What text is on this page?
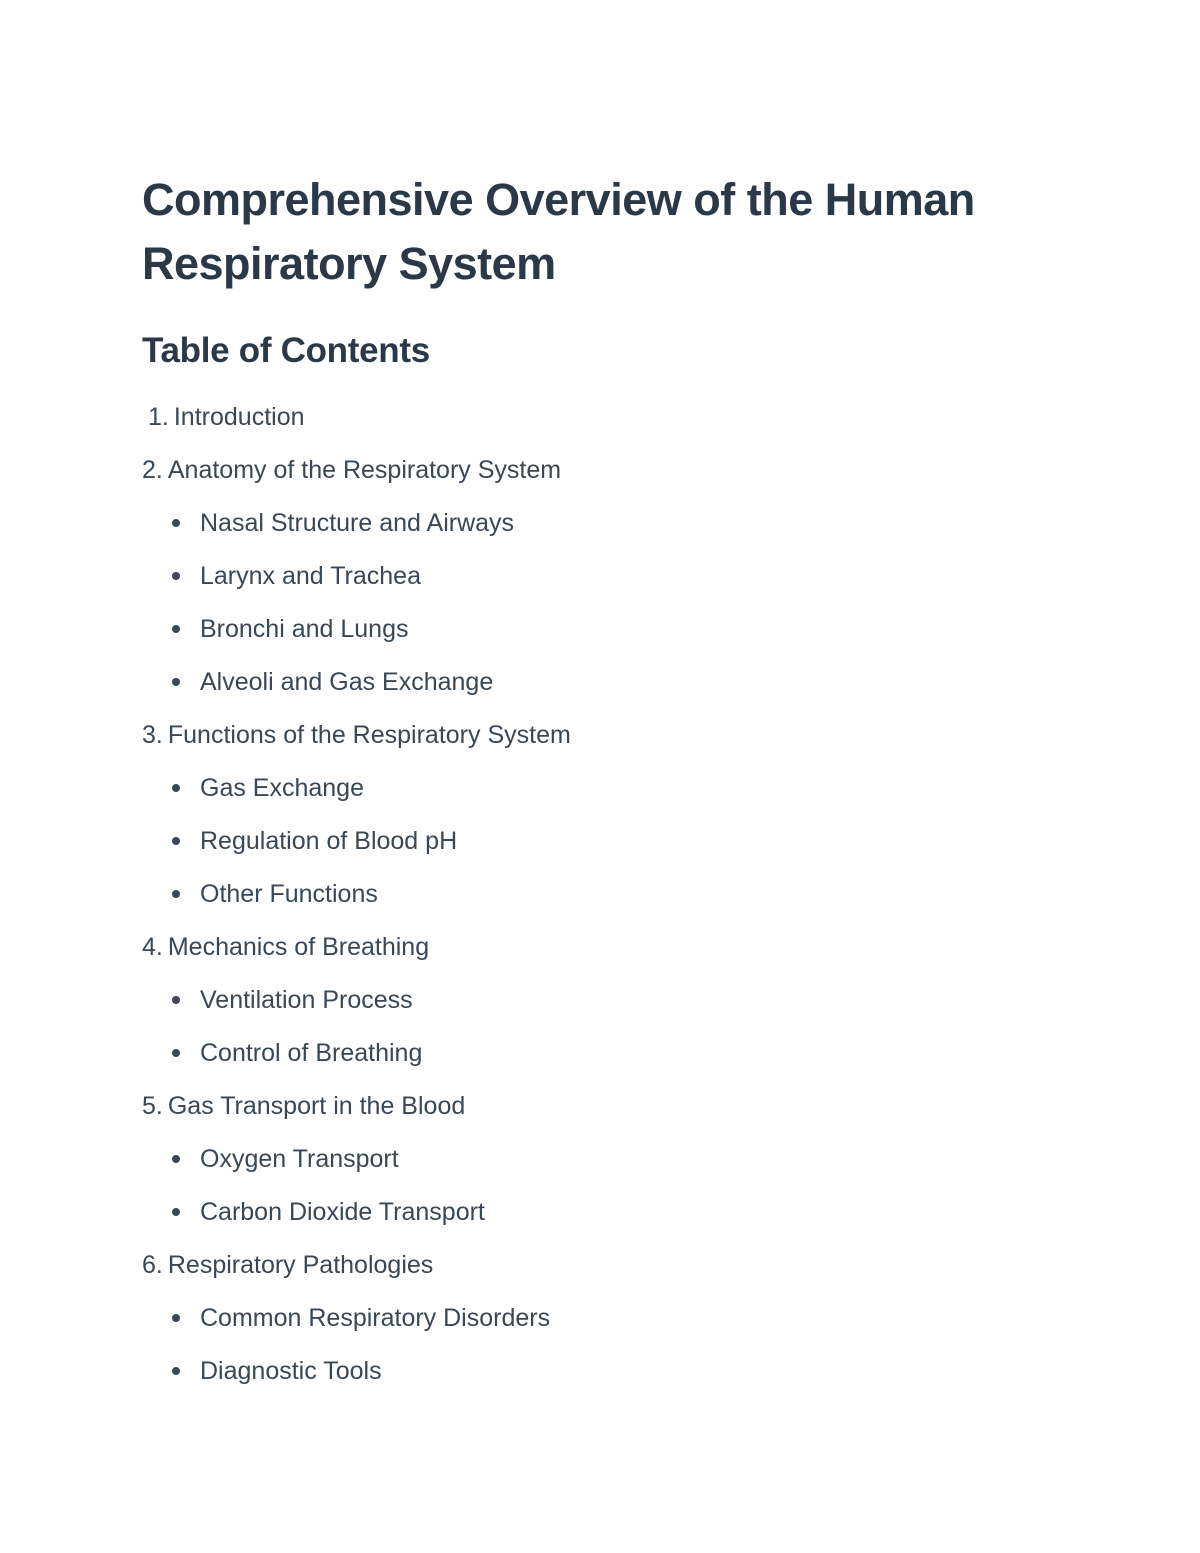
Comprehensive Overview of the Human Respiratory System
Table of Contents
1. Introduction
2. Anatomy of the Respiratory System
Nasal Structure and Airways
Larynx and Trachea
Bronchi and Lungs
Alveoli and Gas Exchange
3. Functions of the Respiratory System
Gas Exchange
Regulation of Blood pH
Other Functions
4. Mechanics of Breathing
Ventilation Process
Control of Breathing
5. Gas Transport in the Blood
Oxygen Transport
Carbon Dioxide Transport
6. Respiratory Pathologies
Common Respiratory Disorders
Diagnostic Tools
